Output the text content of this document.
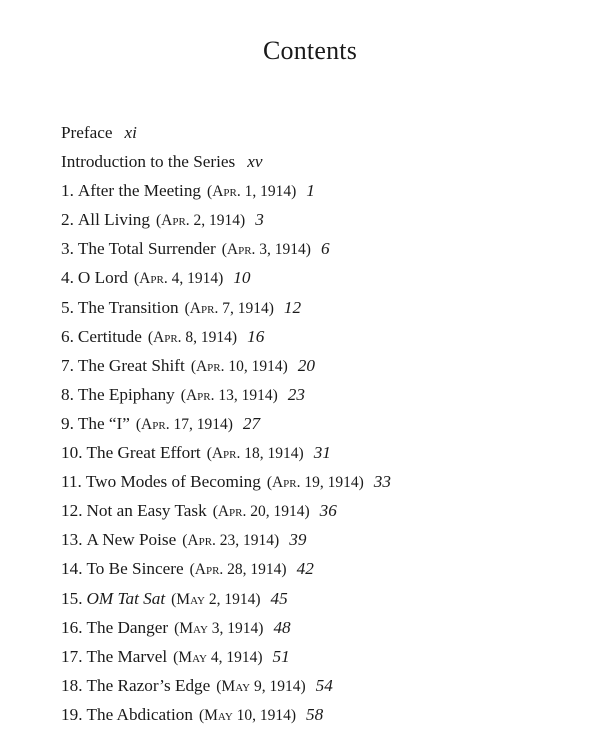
Contents
Preface xi
Introduction to the Series xv
1. After the Meeting (Apr. 1, 1914) 1
2. All Living (Apr. 2, 1914) 3
3. The Total Surrender (Apr. 3, 1914) 6
4. O Lord (Apr. 4, 1914) 10
5. The Transition (Apr. 7, 1914) 12
6. Certitude (Apr. 8, 1914) 16
7. The Great Shift (Apr. 10, 1914) 20
8. The Epiphany (Apr. 13, 1914) 23
9. The “I” (Apr. 17, 1914) 27
10. The Great Effort (Apr. 18, 1914) 31
11. Two Modes of Becoming (Apr. 19, 1914) 33
12. Not an Easy Task (Apr. 20, 1914) 36
13. A New Poise (Apr. 23, 1914) 39
14. To Be Sincere (Apr. 28, 1914) 42
15. OM Tat Sat (May 2, 1914) 45
16. The Danger (May 3, 1914) 48
17. The Marvel (May 4, 1914) 51
18. The Razor’s Edge (May 9, 1914) 54
19. The Abdication (May 10, 1914) 58
